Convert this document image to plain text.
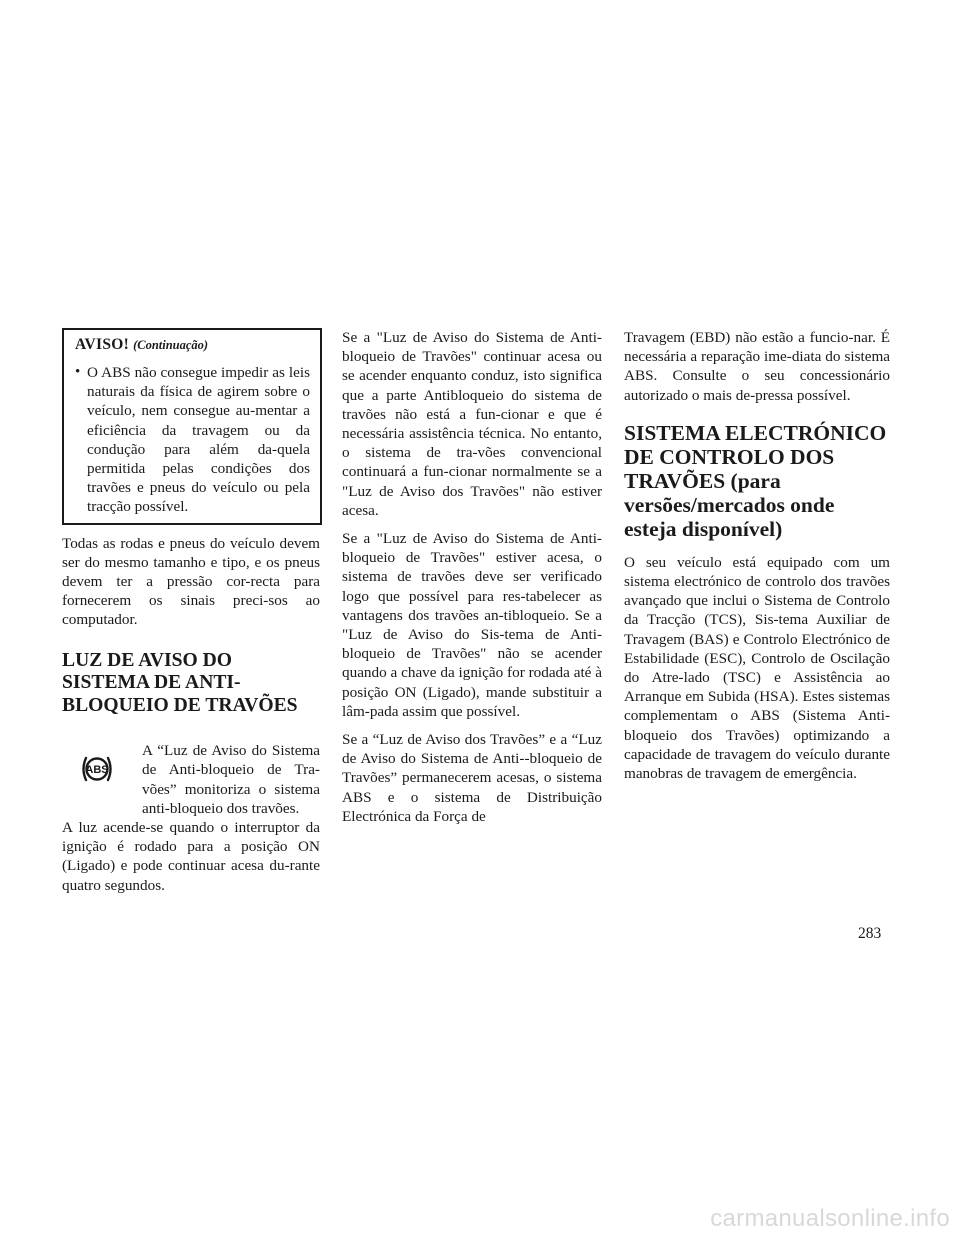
AVISO! (Continuação)
• O ABS não consegue impedir as leis naturais da física de agirem sobre o veículo, nem consegue au-mentar a eficiência da travagem ou da condução para além da-quela permitida pelas condições dos travões e pneus do veículo ou pela tracção possível.

Todas as rodas e pneus do veículo devem ser do mesmo tamanho e tipo, e os pneus devem ter a pressão cor-recta para fornecerem os sinais preci-sos ao computador.

LUZ DE AVISO DO SISTEMA DE ANTI-BLOQUEIO DE TRAVÕES
ABS

A “Luz de Aviso do Sistema de Anti-bloqueio de Tra-vões” monitoriza o sistema anti-bloqueio dos travões.

A luz acende-se quando o interruptor da ignição é rodado para a posição ON (Ligado) e pode continuar acesa du-rante quatro segundos.

Se a "Luz de Aviso do Sistema de Anti-bloqueio de Travões" continuar acesa ou se acender enquanto conduz, isto significa que a parte Antibloqueio do sistema de travões não está a fun-cionar e que é necessária assistência técnica. No entanto, o sistema de tra-vões convencional continuará a fun-cionar normalmente se a "Luz de Aviso dos Travões" não estiver acesa.

Se a "Luz de Aviso do Sistema de Anti-bloqueio de Travões" estiver acesa, o sistema de travões deve ser verificado logo que possível para res-tabelecer as vantagens dos travões an-tibloqueio. Se a "Luz de Aviso do Sis-tema de Anti-bloqueio de Travões" não se acender quando a chave da ignição for rodada até à posição ON (Ligado), mande substituir a lâm-pada assim que possível.

Se a “Luz de Aviso dos Travões” e a “Luz de Aviso do Sistema de Anti--bloqueio de Travões” permanecerem acesas, o sistema ABS e o sistema de Distribuição Electrónica da Força de

Travagem (EBD) não estão a funcio-nar. É necessária a reparação ime-diata do sistema ABS. Consulte o seu concessionário autorizado o mais de-pressa possível.

SISTEMA ELECTRÓNICO DE CONTROLO DOS TRAVÕES (para versões/mercados onde esteja disponível)

O seu veículo está equipado com um sistema electrónico de controlo dos travões avançado que inclui o Sistema de Controlo da Tracção (TCS), Sis-tema Auxiliar de Travagem (BAS) e Controlo Electrónico de Estabilidade (ESC), Controlo de Oscilação do Atre-lado (TSC) e Assistência ao Arranque em Subida (HSA). Estes sistemas complementam o ABS (Sistema Anti-bloqueio dos Travões) optimizando a capacidade de travagem do veículo durante manobras de travagem de emergência.

283
carmanualsonline.info
